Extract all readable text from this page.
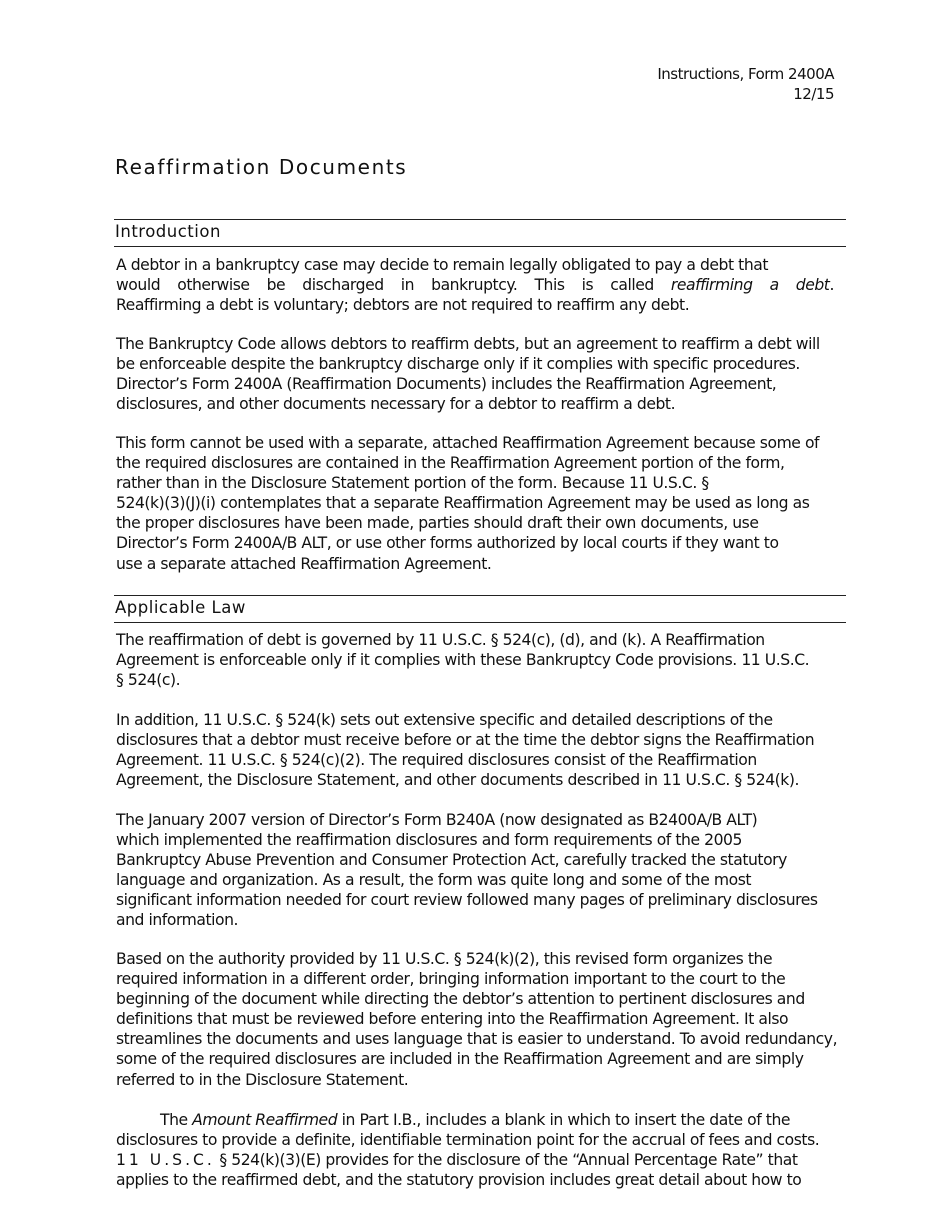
Instructions, Form 2400A
12/15
Reaffirmation Documents
Introduction

A debtor in a bankruptcy case may decide to remain legally obligated to pay a debt that
would otherwise be discharged in bankruptcy. This is called reaffirming a debt.
Reaffirming a debt is voluntary; debtors are not required to reaffirm any debt.

The Bankruptcy Code allows debtors to reaffirm debts, but an agreement to reaffirm a debt will
be enforceable despite the bankruptcy discharge only if it complies with specific procedures.
Director’s Form 2400A (Reaffirmation Documents) includes the Reaffirmation Agreement,
disclosures, and other documents necessary for a debtor to reaffirm a debt.

This form cannot be used with a separate, attached Reaffirmation Agreement because some of
the required disclosures are contained in the Reaffirmation Agreement portion of the form,
rather than in the Disclosure Statement portion of the form. Because 11 U.S.C. §
524(k)(3)(J)(i) contemplates that a separate Reaffirmation Agreement may be used as long as
the proper disclosures have been made, parties should draft their own documents, use
Director’s Form 2400A/B ALT, or use other forms authorized by local courts if they want to
use a separate attached Reaffirmation Agreement.

Applicable Law

The reaffirmation of debt is governed by 11 U.S.C. § 524(c), (d), and (k). A Reaffirmation
Agreement is enforceable only if it complies with these Bankruptcy Code provisions. 11 U.S.C.
§ 524(c).

In addition, 11 U.S.C. § 524(k) sets out extensive specific and detailed descriptions of the
disclosures that a debtor must receive before or at the time the debtor signs the Reaffirmation
Agreement. 11 U.S.C. § 524(c)(2). The required disclosures consist of the Reaffirmation
Agreement, the Disclosure Statement, and other documents described in 11 U.S.C. § 524(k).

The January 2007 version of Director’s Form B240A (now designated as B2400A/B ALT)
which implemented the reaffirmation disclosures and form requirements of the 2005
Bankruptcy Abuse Prevention and Consumer Protection Act, carefully tracked the statutory
language and organization. As a result, the form was quite long and some of the most
significant information needed for court review followed many pages of preliminary disclosures
and information.

Based on the authority provided by 11 U.S.C. § 524(k)(2), this revised form organizes the
required information in a different order, bringing information important to the court to the
beginning of the document while directing the debtor’s attention to pertinent disclosures and
definitions that must be reviewed before entering into the Reaffirmation Agreement. It also
streamlines the documents and uses language that is easier to understand. To avoid redundancy,
some of the required disclosures are included in the Reaffirmation Agreement and are simply
referred to in the Disclosure Statement.

The Amount Reaffirmed in Part I.B., includes a blank in which to insert the date of the
disclosures to provide a definite, identifiable termination point for the accrual of fees and costs.
11 U.S.C. § 524(k)(3)(E) provides for the disclosure of the “Annual Percentage Rate” that
applies to the reaffirmed debt, and the statutory provision includes great detail about how to
